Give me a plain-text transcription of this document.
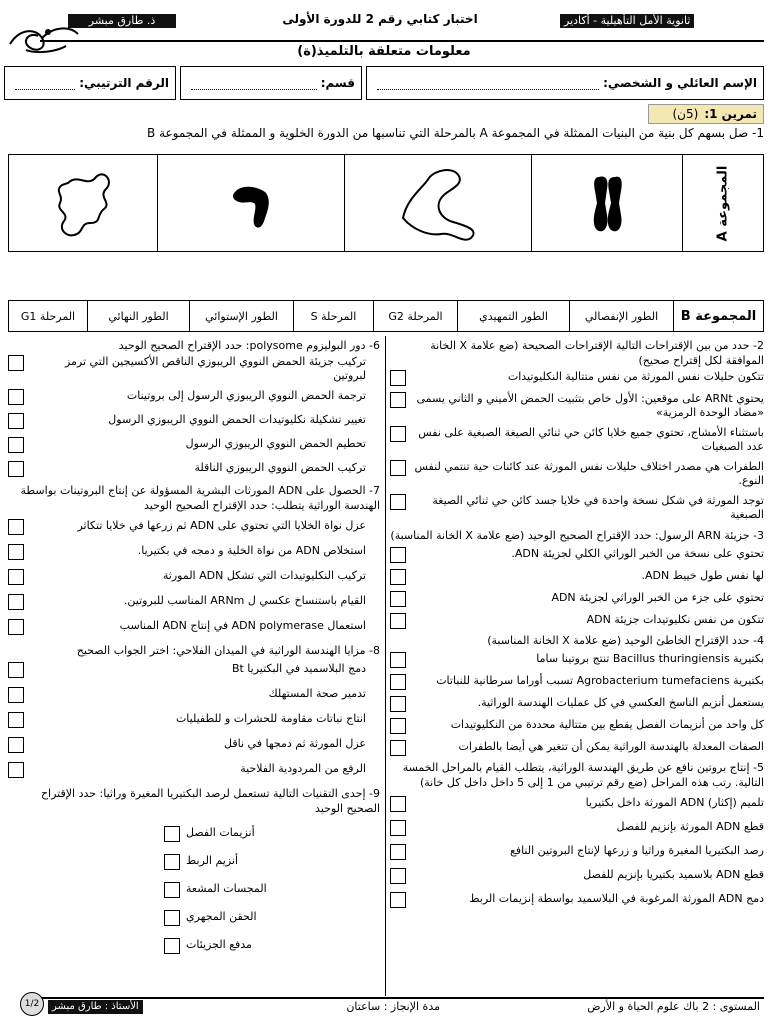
ثانوية الأمل التأهيلية - أكادير
اختبار كتابي رقم 2 للدورة الأولى
ذ. طارق مبشر
معلومات متعلقة بالتلميذ(ة)
الإسم العائلي و الشخصي:
قسم:
الرقم الترتيبي:
تمرين 1:
(5ن)
1- صل بسهم كل بنية من البنيات الممثلة في المجموعة A بالمرحلة التي تناسبها من الدورة الخلوية و الممثلة في المجموعة B
المجموعة A
المجموعة B
الطور الإنفصالي
الطور التمهيدي
المرحلة G2
المرحلة S
الطور الإستوائي
الطور النهائي
المرحلة G1
2- حدد من بين الإقتراحات التالية الإقتراحات الصحيحة (ضع علامة X الخانة الموافقة لكل إقتراح صحيح)
تتكون حليلات نفس المورثة من نفس متتالية النكليوتيدات
يحتوي ARNt على موقعين: الأول خاص بتثبيت الحمض الأميني و الثاني يسمى «مضاد الوحدة الرمزية»
باستثناء الأمشاج، تحتوي جميع خلايا كائن حي ثنائي الصيغة الصبغية على نفس عدد الصبغيات
الطفرات هي مصدر اختلاف حليلات نفس المورثة عند كائنات حية تنتمي لنفس النوع.
توجد المورثة في شكل نسخة واحدة في خلايا جسد كائن حي ثنائي الصيغة الصبغية
3- جزيئة ARN الرسول: حدد الإقتراح الصحيح الوحيد (ضع علامة X الخانة المناسبة)
تحتوي على نسخة من الخبر الوراثي الكلي لجزيئة ADN.
لها نفس طول خييط ADN.
تحتوي على جزء من الخبر الوراثي لجزيئة ADN
تتكون من نفس نكليوتيدات جزيئة ADN
4- حدد الإقتراح الخاطئ الوحيد (ضع علامة X الخانة المناسبة)
بكتيرية Bacillus thuringiensis تنتج بروتينا ساما
بكتيرية Agrobacterium tumefaciens تسبب أوراما سرطانية للنباتات
يستعمل أنزيم الناسخ العكسي في كل عمليات الهندسة الوراثية.
كل واحد من أنزيمات الفصل يقطع بين متتالية محددة من النكليوتيدات
الصفات المعدلة بالهندسة الوراثية يمكن أن تتغير هي أيضا بالطفرات
5- إنتاج بروتين نافع عن طريق الهندسة الوراثية، يتطلب القيام بالمراحل الخمسة التالية. رتب هذه المراحل (ضع رقم ترتيبي من 1 إلى 5 داخل داخل كل خانة)
تلميم (إكثار) ADN المورثة داخل بكتيريا
قطع ADN المورثة بإنزيم للفصل
رصد البكتيريا المغيرة وراثيا و زرعها لإنتاج البروتين النافع
قطع ADN بلاسميد بكتيريا بإنزيم للفصل
دمج ADN المورثة المرغوبة في البلاسميد بواسطة إنزيمات الربط
6- دور البوليزوم polysome: حدد الإقتراح الصحيح الوحيد
تركيب جزيئة الحمض النووي الريبوزي الناقص الأكسيجين التي ترمز لبروتين
ترجمة الحمض النووي الريبوزي الرسول إلى بروتينات
تغيير تشكيلة نكليوتيدات الحمض النووي الريبوزي الرسول
تحطيم الحمض النووي الريبوزي الرسول
تركيب الحمض النووي الريبوزي الناقلة
7- الحصول على ADN المورثات البشرية المسؤولة عن إنتاج البروتينات بواسطة الهندسة الوراثية يتطلب: حدد الإقتراح الصحيح الوحيد
عزل نواة الخلايا التي تحتوي على ADN ثم زرعها في خلايا تتكاثر
استخلاص ADN من نواة الخلية و دمجه في بكتيريا.
تركيب النكليوتيدات التي تشكل ADN المورثة
القيام باستنساخ عكسي ل ARNm المناسب للبروتين.
استعمال ADN polymerase في إنتاج ADN المناسب
8- مزايا الهندسة الوراثية في الميدان الفلاحي: اختر الجواب الصحيح
دمج البلاسميد في البكتيريا Bt
تدمير صحة المستهلك
انتاج نباتات مقاومة للحشرات و للطفيليات
عزل المورثة ثم دمجها في ناقل
الرفع من المردودية الفلاحية
9- إحدى التقنيات التالية تستعمل لرصد البكتيريا المغيرة وراثيا: حدد الإقتراح الصحيح الوحيد
أنزيمات الفصل
أنزيم الربط
المجسات المشعة
الحقن المجهري
مدفع الجزيئات
1/2	المستوى : 2 باك علوم الحياة و الأرض
مدة الإنجاز : ساعتان
الأستاذ : طارق مبشر
